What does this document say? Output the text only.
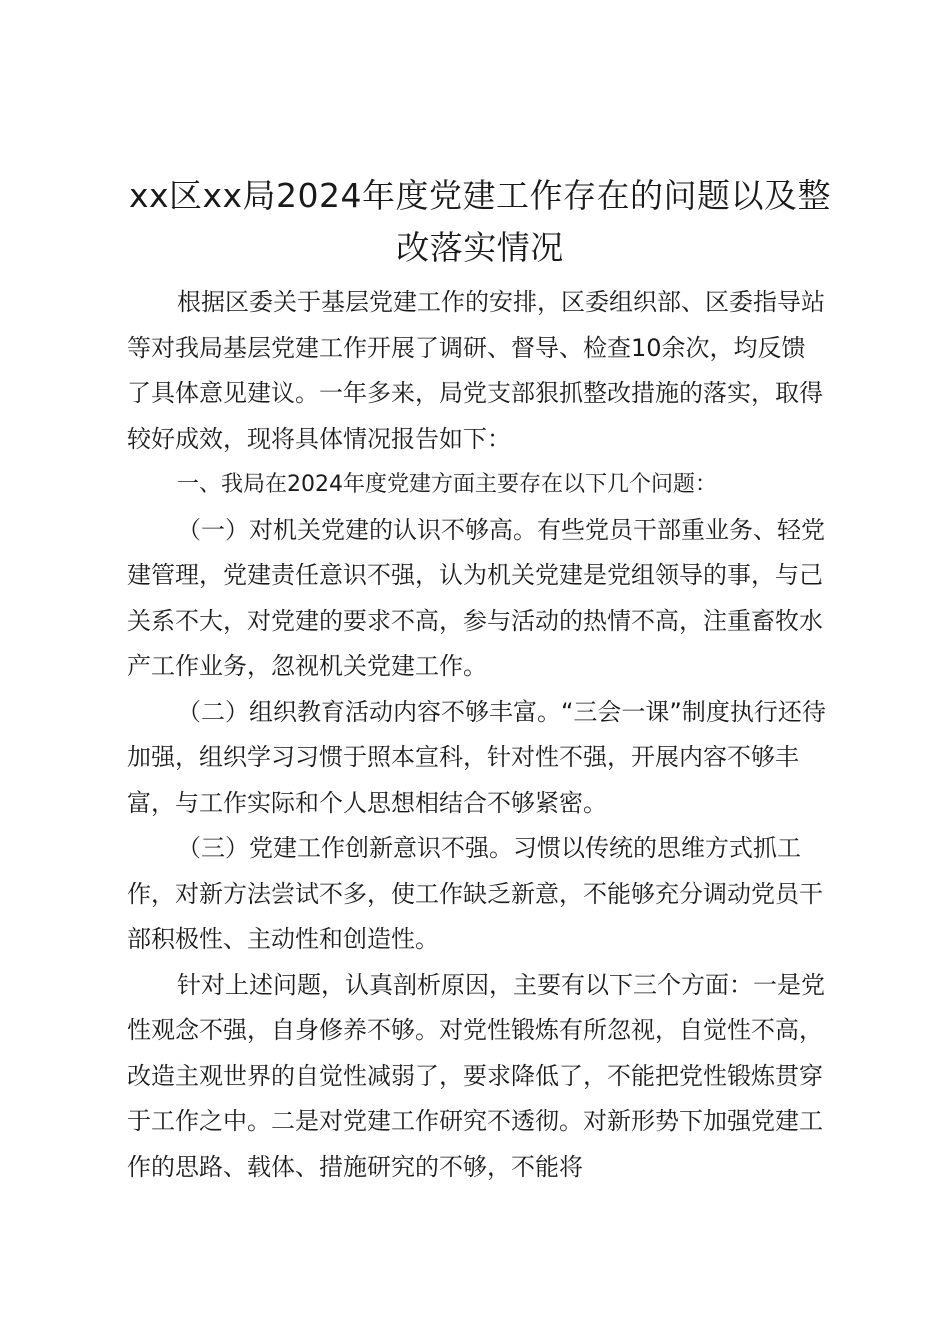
xx区xx局2024年度党建工作存在的问题以及整改落实情况

根据区委关于基层党建工作的安排，区委组织部、区委指导站等对我局基层党建工作开展了调研、督导、检查10余次，均反馈了具体意见建议。一年多来，局党支部狠抓整改措施的落实，取得较好成效，现将具体情况报告如下：

一、我局在2024年度党建方面主要存在以下几个问题：

（一）对机关党建的认识不够高。有些党员干部重业务、轻党建管理，党建责任意识不强，认为机关党建是党组领导的事，与己关系不大，对党建的要求不高，参与活动的热情不高，注重畜牧水产工作业务，忽视机关党建工作。

（二）组织教育活动内容不够丰富。“三会一课”制度执行还待加强，组织学习习惯于照本宣科，针对性不强，开展内容不够丰富，与工作实际和个人思想相结合不够紧密。

（三）党建工作创新意识不强。习惯以传统的思维方式抓工作，对新方法尝试不多，使工作缺乏新意，不能够充分调动党员干部积极性、主动性和创造性。

针对上述问题，认真剖析原因，主要有以下三个方面：一是党性观念不强，自身修养不够。对党性锻炼有所忽视，自觉性不高，改造主观世界的自觉性减弱了，要求降低了，不能把党性锻炼贯穿于工作之中。二是对党建工作研究不透彻。对新形势下加强党建工作的思路、载体、措施研究的不够，不能将
